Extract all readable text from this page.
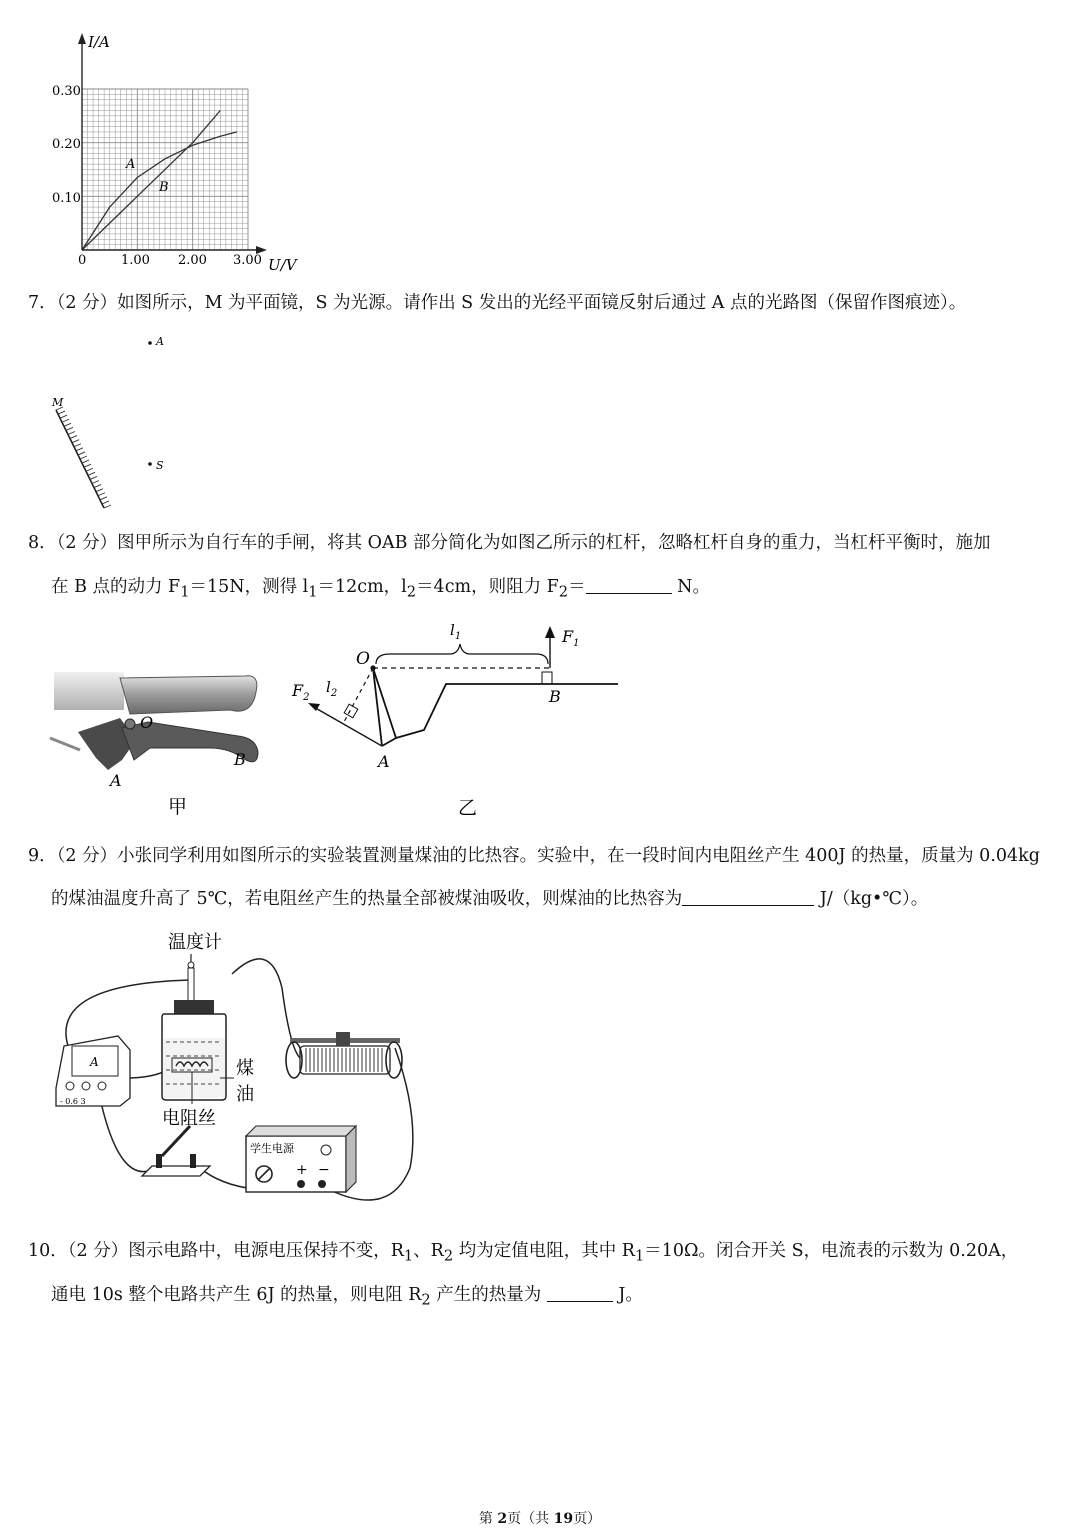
I/A
U/V
0.30
0.20
0.10
0	1.00 2.00 3.00
A
B
7．（2 分）如图所示，M 为平面镜，S 为光源。请作出 S 发出的光经平面镜反射后通过 A 点的光路图（保留作图痕迹）。
A
S
M
8．（2 分）图甲所示为自行车的手闸，将其 OAB 部分简化为如图乙所示的杠杆，忽略杠杆自身的重力，当杠杆平衡时，施加
在 B 点的动力 $F_1=15N$，测得 $l_1=12cm$，$l_2=4cm$，则阻力 $F_2=$	N。
O
A
B
甲
O
A
B
$l_1$
$l_2$
$F_1$
$F_2$
乙
9．（2 分）小张同学利用如图所示的实验装置测量煤油的比热容。实验中，在一段时间内电阻丝产生 400J 的热量，质量为 0.04kg
的煤油温度升高了 5℃，若电阻丝产生的热量全部被煤油吸收，则煤油的比热容为	J/（kg•℃）。
温度计
煤
油
电阻丝
A
- 0.6 3
学生电源
+ −
10．（2 分）图示电路中，电源电压保持不变，$R_1$、$R_2$ 均为定值电阻，其中 $R_1=10\Omega$。闭合开关 S，电流表的示数为 0.20A，
通电 10s 整个电路共产生 6J 的热量，则电阻 $R_2$ 产生的热量为	J。
第 2页（共 19页）
